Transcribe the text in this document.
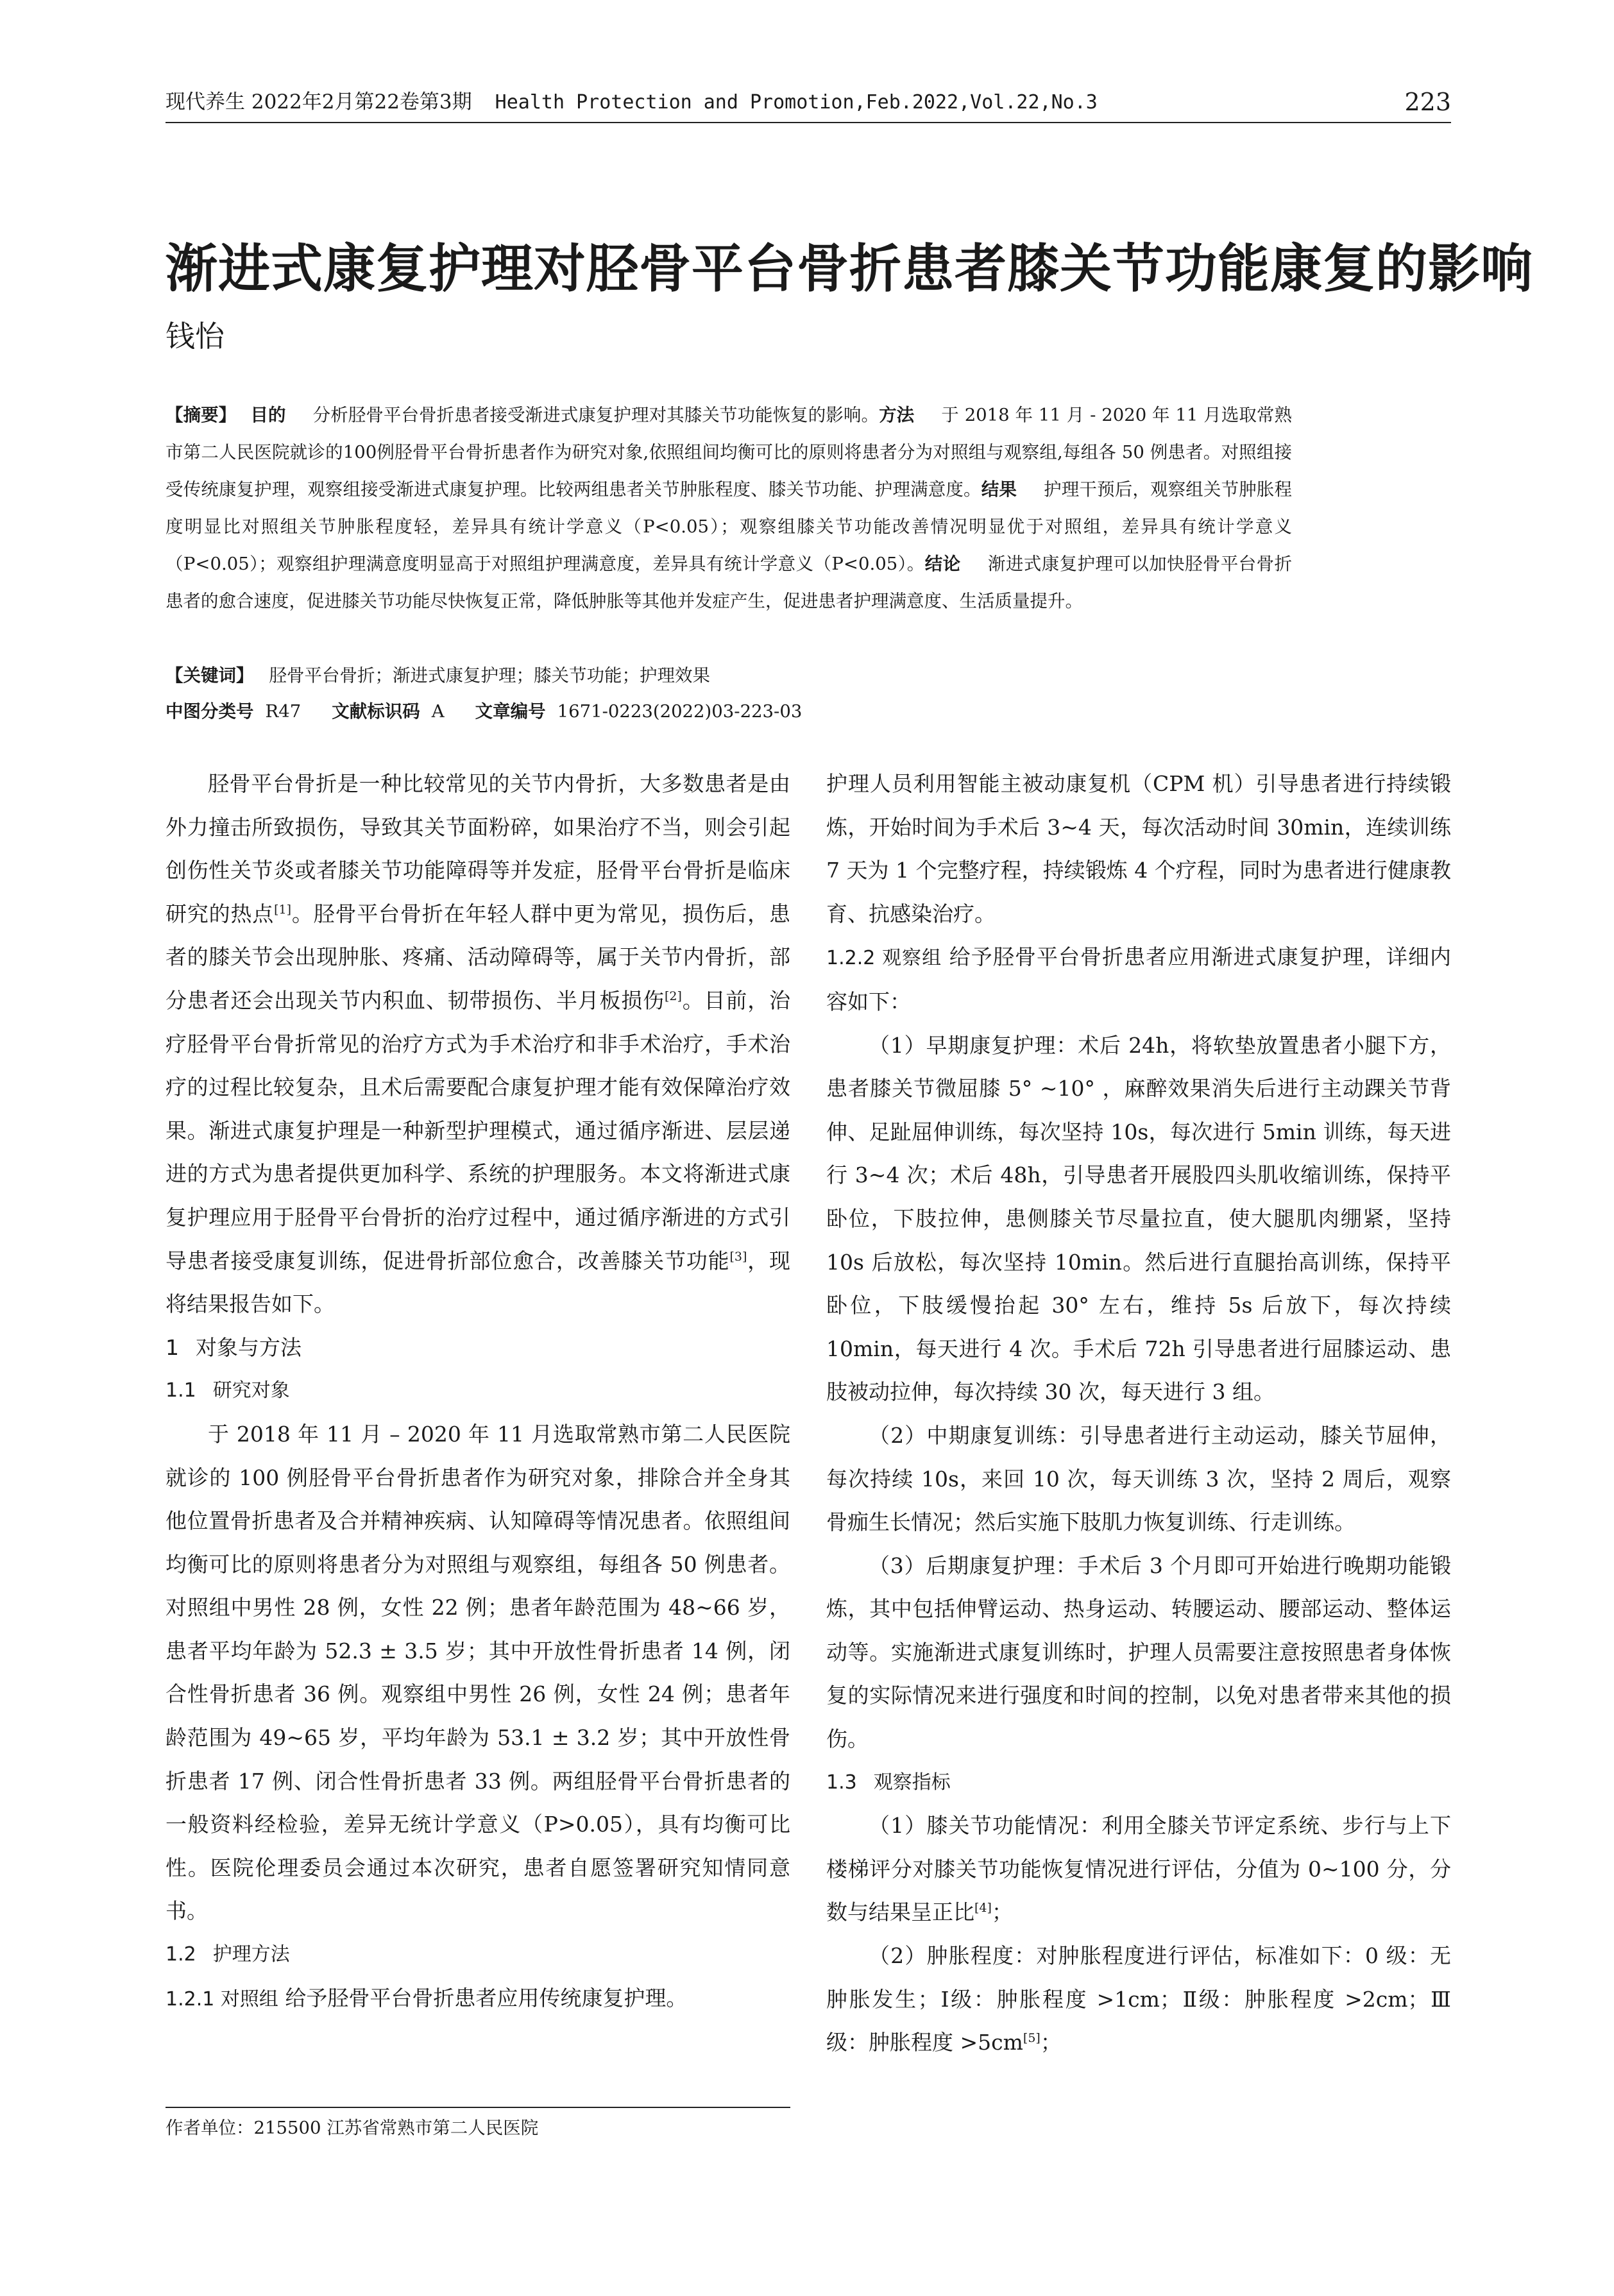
现代养生 2022年2月第22卷第3期 Health Protection and Promotion,Feb.2022,Vol.22,No.3	223
渐进式康复护理对胫骨平台骨折患者膝关节功能康复的影响
钱怡
【摘要】 目的 分析胫骨平台骨折患者接受渐进式康复护理对其膝关节功能恢复的影响。方法 于 2018 年 11 月 - 2020 年 11 月选取常熟市第二人民医院就诊的100例胫骨平台骨折患者作为研究对象,依照组间均衡可比的原则将患者分为对照组与观察组,每组各 50 例患者。对照组接受传统康复护理，观察组接受渐进式康复护理。比较两组患者关节肿胀程度、膝关节功能、护理满意度。结果 护理干预后，观察组关节肿胀程度明显比对照组关节肿胀程度轻，差异具有统计学意义（P<0.05）；观察组膝关节功能改善情况明显优于对照组，差异具有统计学意义（P<0.05）；观察组护理满意度明显高于对照组护理满意度，差异具有统计学意义（P<0.05）。结论 渐进式康复护理可以加快胫骨平台骨折患者的愈合速度，促进膝关节功能尽快恢复正常，降低肿胀等其他并发症产生，促进患者护理满意度、生活质量提升。
【关键词】 胫骨平台骨折；渐进式康复护理；膝关节功能；护理效果
中图分类号 R47 文献标识码 A 文章编号 1671-0223(2022)03-223-03

胫骨平台骨折是一种比较常见的关节内骨折，大多数患者是由外力撞击所致损伤，导致其关节面粉碎，如果治疗不当，则会引起创伤性关节炎或者膝关节功能障碍等并发症，胫骨平台骨折是临床研究的热点[1]。胫骨平台骨折在年轻人群中更为常见，损伤后，患者的膝关节会出现肿胀、疼痛、活动障碍等，属于关节内骨折，部分患者还会出现关节内积血、韧带损伤、半月板损伤[2]。目前，治疗胫骨平台骨折常见的治疗方式为手术治疗和非手术治疗，手术治疗的过程比较复杂，且术后需要配合康复护理才能有效保障治疗效果。渐进式康复护理是一种新型护理模式，通过循序渐进、层层递进的方式为患者提供更加科学、系统的护理服务。本文将渐进式康复护理应用于胫骨平台骨折的治疗过程中，通过循序渐进的方式引导患者接受康复训练，促进骨折部位愈合，改善膝关节功能[3]，现将结果报告如下。

1 对象与方法

1.1 研究对象

于 2018 年 11 月 – 2020 年 11 月选取常熟市第二人民医院就诊的 100 例胫骨平台骨折患者作为研究对象，排除合并全身其他位置骨折患者及合并精神疾病、认知障碍等情况患者。依照组间均衡可比的原则将患者分为对照组与观察组，每组各 50 例患者。对照组中男性 28 例，女性 22 例；患者年龄范围为 48~66 岁，患者平均年龄为 52.3 ± 3.5 岁；其中开放性骨折患者 14 例，闭合性骨折患者 36 例。观察组中男性 26 例，女性 24 例；患者年龄范围为 49~65 岁，平均年龄为 53.1 ± 3.2 岁；其中开放性骨折患者 17 例、闭合性骨折患者 33 例。两组胫骨平台骨折患者的一般资料经检验，差异无统计学意义（P>0.05），具有均衡可比性。医院伦理委员会通过本次研究，患者自愿签署研究知情同意书。

1.2 护理方法

1.2.1 对照组 给予胫骨平台骨折患者应用传统康复护理。

护理人员利用智能主被动康复机（CPM 机）引导患者进行持续锻炼，开始时间为手术后 3~4 天，每次活动时间 30min，连续训练 7 天为 1 个完整疗程，持续锻炼 4 个疗程，同时为患者进行健康教育、抗感染治疗。

1.2.2 观察组 给予胫骨平台骨折患者应用渐进式康复护理，详细内容如下：

（1）早期康复护理：术后 24h，将软垫放置患者小腿下方，患者膝关节微屈膝 5° ~10° ，麻醉效果消失后进行主动踝关节背伸、足趾屈伸训练，每次坚持 10s，每次进行 5min 训练，每天进行 3~4 次；术后 48h，引导患者开展股四头肌收缩训练，保持平卧位，下肢拉伸，患侧膝关节尽量拉直，使大腿肌肉绷紧，坚持 10s 后放松，每次坚持 10min。然后进行直腿抬高训练，保持平卧位，下肢缓慢抬起 30° 左右，维持 5s 后放下，每次持续 10min，每天进行 4 次。手术后 72h 引导患者进行屈膝运动、患肢被动拉伸，每次持续 30 次，每天进行 3 组。

（2）中期康复训练：引导患者进行主动运动，膝关节屈伸，每次持续 10s，来回 10 次，每天训练 3 次，坚持 2 周后，观察骨痂生长情况；然后实施下肢肌力恢复训练、行走训练。

（3）后期康复护理：手术后 3 个月即可开始进行晚期功能锻炼，其中包括伸臂运动、热身运动、转腰运动、腰部运动、整体运动等。实施渐进式康复训练时，护理人员需要注意按照患者身体恢复的实际情况来进行强度和时间的控制，以免对患者带来其他的损伤。

1.3 观察指标

（1）膝关节功能情况：利用全膝关节评定系统、步行与上下楼梯评分对膝关节功能恢复情况进行评估，分值为 0~100 分，分数与结果呈正比[4]；

（2）肿胀程度：对肿胀程度进行评估，标准如下：0 级：无肿胀发生；Ⅰ级：肿胀程度 >1cm；Ⅱ级：肿胀程度 >2cm；Ⅲ级：肿胀程度 >5cm[5]；

作者单位：215500 江苏省常熟市第二人民医院
